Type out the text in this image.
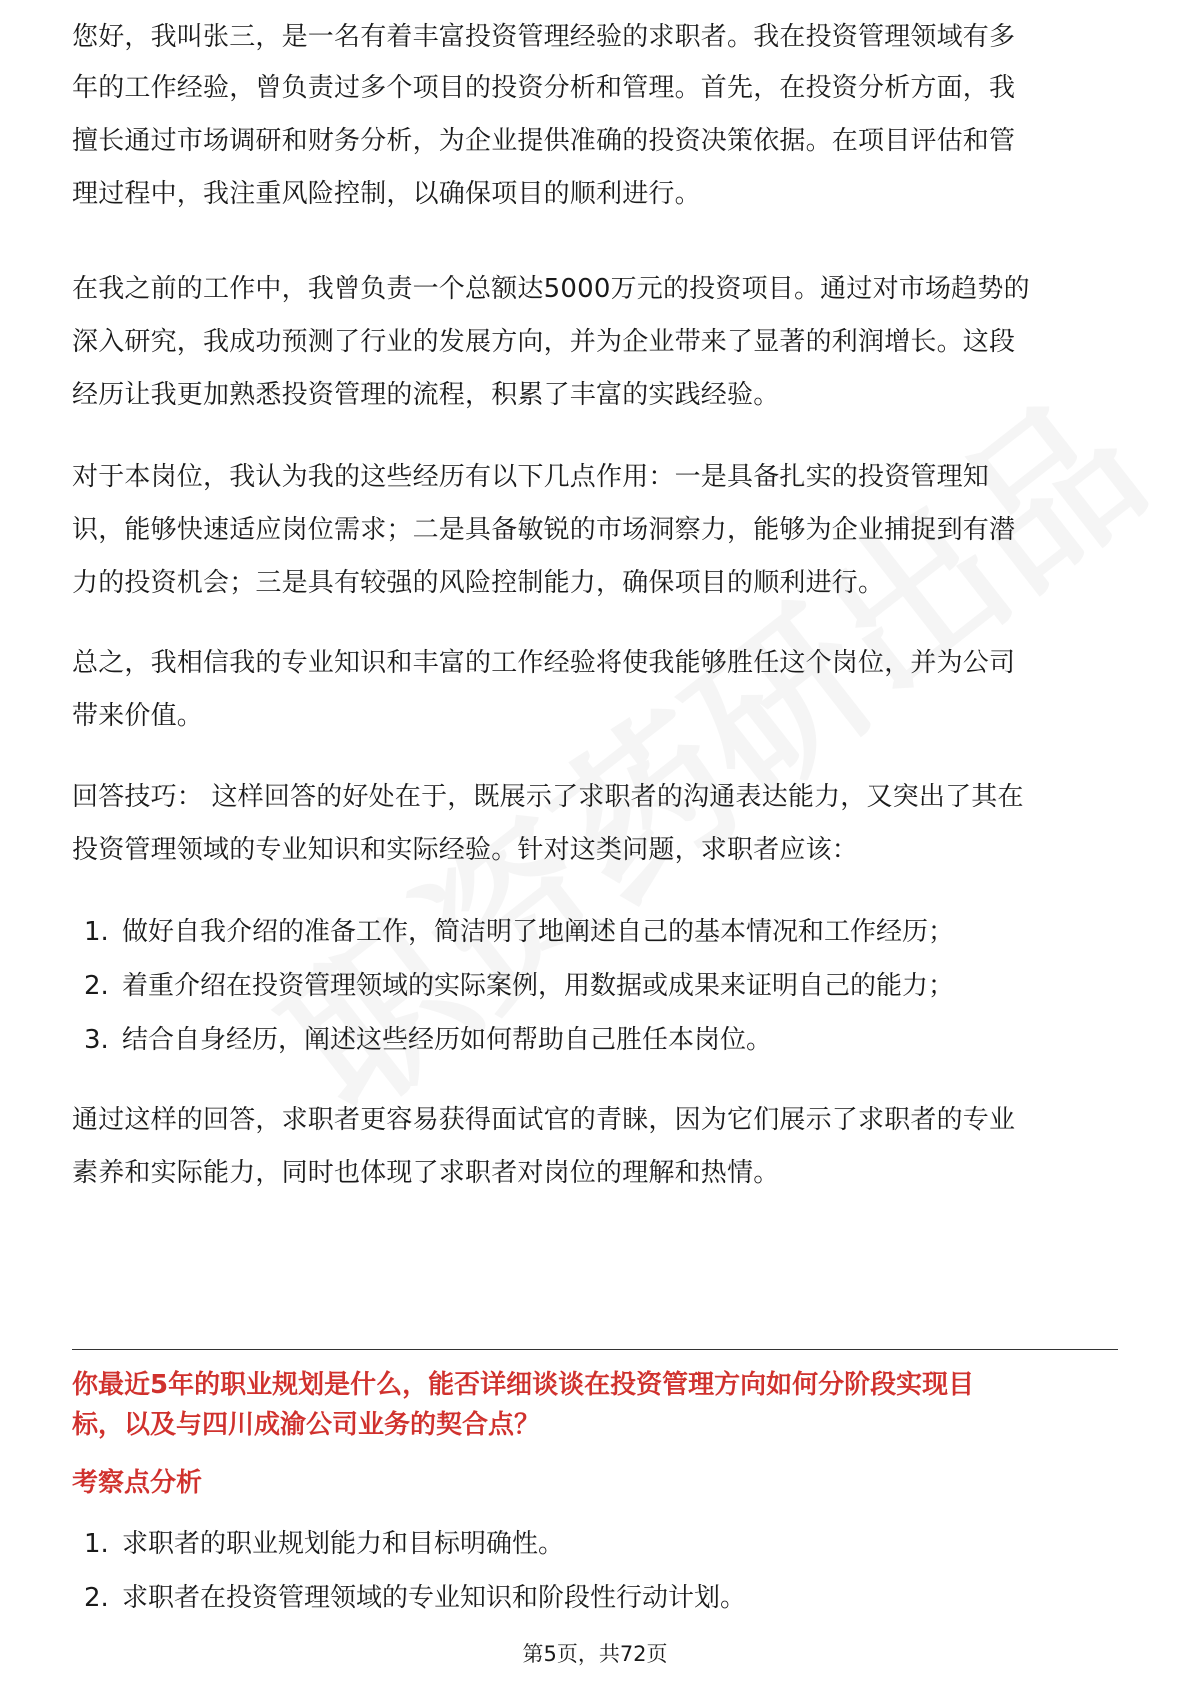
您好，我叫张三，是一名有着丰富投资管理经验的求职者。我在投资管理领域有多
年的工作经验，曾负责过多个项目的投资分析和管理。首先，在投资分析方面，我
擅长通过市场调研和财务分析，为企业提供准确的投资决策依据。在项目评估和管
理过程中，我注重风险控制，以确保项目的顺利进行。
在我之前的工作中，我曾负责一个总额达5000万元的投资项目。通过对市场趋势的
深入研究，我成功预测了行业的发展方向，并为企业带来了显著的利润增长。这段
经历让我更加熟悉投资管理的流程，积累了丰富的实践经验。
对于本岗位，我认为我的这些经历有以下几点作用：一是具备扎实的投资管理知
识，能够快速适应岗位需求；二是具备敏锐的市场洞察力，能够为企业捕捉到有潜
力的投资机会；三是具有较强的风险控制能力，确保项目的顺利进行。
总之，我相信我的专业知识和丰富的工作经验将使我能够胜任这个岗位，并为公司
带来价值。
回答技巧： 这样回答的好处在于，既展示了求职者的沟通表达能力，又突出了其在
投资管理领域的专业知识和实际经验。针对这类问题，求职者应该：
1. 做好自我介绍的准备工作，简洁明了地阐述自己的基本情况和工作经历；
2. 着重介绍在投资管理领域的实际案例，用数据或成果来证明自己的能力；
3. 结合自身经历，阐述这些经历如何帮助自己胜任本岗位。
通过这样的回答，求职者更容易获得面试官的青睐，因为它们展示了求职者的专业
素养和实际能力，同时也体现了求职者对岗位的理解和热情。
你最近5年的职业规划是什么，能否详细谈谈在投资管理方向如何分阶段实现目
标，以及与四川成渝公司业务的契合点？
考察点分析
1. 求职者的职业规划能力和目标明确性。
2. 求职者在投资管理领域的专业知识和阶段性行动计划。
第5页，共72页
